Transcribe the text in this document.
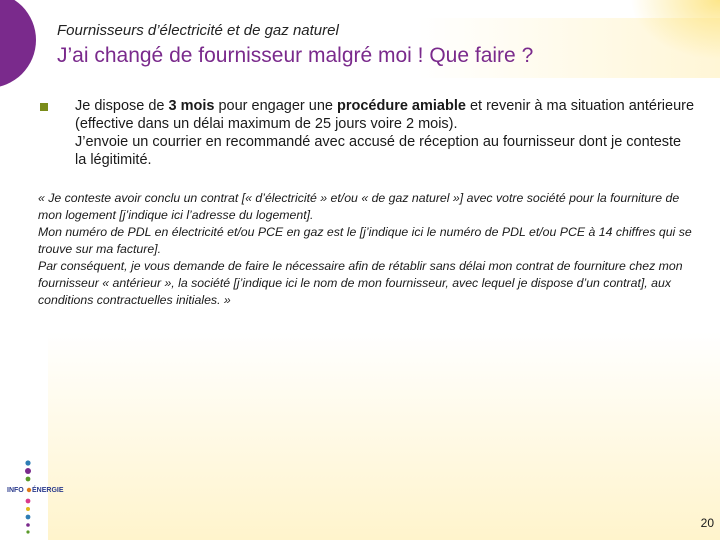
Fournisseurs d’électricité et de gaz naturel
J’ai changé de fournisseur malgré moi ! Que faire ?
Je dispose de 3 mois pour engager une procédure amiable et revenir à ma situation antérieure (effective dans un délai maximum de 25 jours voire 2 mois).
J’envoie un courrier en recommandé avec accusé de réception au fournisseur dont je conteste la légitimité.
« Je conteste avoir conclu un contrat [« d’électricité » et/ou « de gaz naturel »] avec votre société pour la fourniture de mon logement [j’indique ici l’adresse du logement].
Mon numéro de PDL en électricité et/ou PCE en gaz est le [j’indique ici le numéro de PDL et/ou PCE à 14 chiffres qui se trouve sur ma facture].
Par conséquent, je vous demande de faire le nécessaire afin de rétablir sans délai mon contrat de fourniture chez mon fournisseur « antérieur », la société [j’indique ici le nom de mon fournisseur, avec lequel je dispose d’un contrat], aux conditions contractuelles initiales. »
INFO ÉNERGIE
20
